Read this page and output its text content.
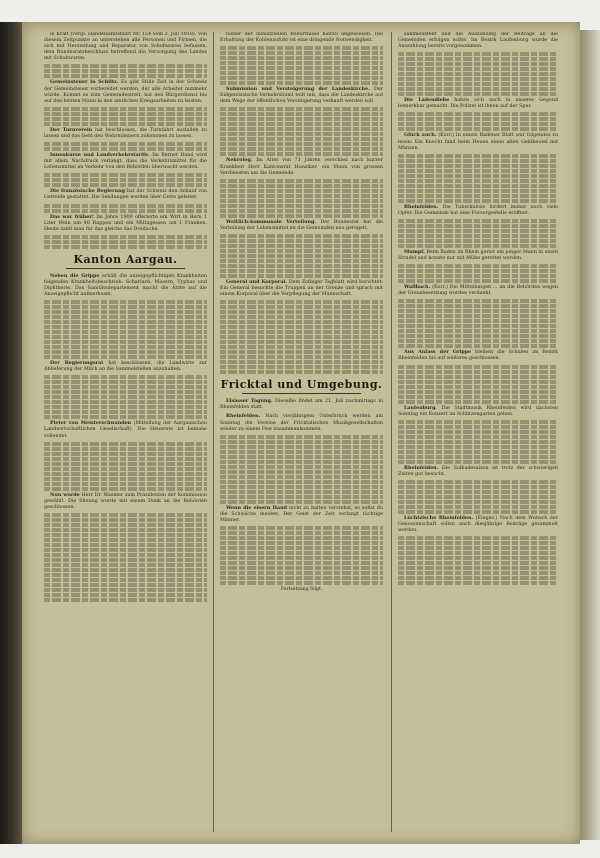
in Kraft (vergl. Handelsamtsblatt Nr. 154 vom 2. Juli 1918). Von diesem Zeitpunkte an unterstehen alle Personen und Firmen, die sich mit Herstellung und Reparatur von Schuhwaren befassen, dem Bundesratsbeschluss betreffend die Versorgung des Landes mit Schuhwaren.

Gemeinsteuer in Schiltz. Es gibt Stille Zeit in der Schweiz der Gemeinsteuer vorbereitet werden, der alle Arbeiter nunmehr würde. Kommt es zum Gemeindestreit, hat den Bürgerdienst bis auf den letzten Mann in den amtlichen Kriegsarbeiten zu leisten.

Der Turnverein hat beschlossen, die Turnfahrt ausfallen zu lassen und das Geld den Wehrmännern zukommen zu lassen.

Innenkurse und Landverkehrstarife. Im Berner Bund wird mit allem Nachdruck verlangt, dass die Verkehrsmittel für die Lebensmittel im Verkehr von den Behörden überwacht werden.

Die französische Regierung hat der Schweiz den Ankauf von Getreide gestattet. Die Sendungen werden über Cette geleitet.

Das war früher! Im Jahre 1900 offerierte ein Wirt in Bern 1 Liter Wein um 40 Rappen und ein Mittagessen um 1 Franken. Heute zahlt man für das gleiche das Dreifache.

Kanton Aargau.

Neben die Grippe erhält die anzeigepflichtigen Krankheiten folgenden Krankheitsbeschrieb: Scharlach, Masern, Typhus und Diphtherie. Das Sanitätsdepartement macht die Ärzte auf die Anzeigepflicht aufmerksam.

Der Regierungsrat hat beschlossen, die Landwirte zur Ablieferung der Milch an die Sammelstellen anzuhalten.

Pieter von Meisterschwanden (Mitteilung der Aargauischen Landwirtschaftlichen Gesellschaft). Die Heuernte ist beinahe vollendet.

Nun wurde Herr Dr. Wasmer zum Präsidenten der Kommission gewählt. Die Sitzung wurde mit einem Dank an die Behörden geschlossen.

bisher der industriellen Bedürfnisse hierzu angewiesen. Die Erhaltung der Kohlenzufuhr ist eine dringende Notwendigkeit.

Submission und Versteigerung der Landeskirche. Der Eidgenössische Verkehrsbund teilt mit, dass die Landeskirche auf dem Wege der öffentlichen Versteigerung verkauft werden soll.

Nekrolog. Im Alter von 71 Jahren verschied nach kurzer Krankheit Herr Kantonsrat Hunziker, ein Mann von grossen Verdiensten um die Gemeinde.

Weltlich-kommunale Verteilung. Der Bundesrat hat die Verteilung der Lebensmittel an die Gemeinden neu geregelt.

General und Korporal. Dem Zofinger Tagblatt wird berichtet: Ein General besuchte die Truppen an der Grenze und sprach mit einem Korporal über die Verpflegung der Mannschaft.

Fricktal und Umgebung.

Elsässer Tagung. Dieselbe findet am 21. Juli nachmittags in Rheinfelden statt.

Rheinfelden. Nach vierjährigem Unterbruch werden am Sonntag die Vereine der Fricktalischen Musikgesellschaften wieder zu einem Fest zusammenkommen.

Wenn die eisern Hand nicht zu halten verstehst, so sollst du die Schwäche meiden. Der Geist der Zeit verlangt tüchtige Männer.

Fortsetzung folgt.

sammenstellt und die Auszahlung der Beiträge an die Gemeinden erfolgen sollte. Im Bezirk Laufenburg wurde die Auszahlung bereits vorgenommen.

Die Ladendiebe haben sich auch in unserer Gegend bemerkbar gemacht. Die Polizei ist ihnen auf der Spur.

Glück auch. (Korr.) In einem Badener Blatt war folgendes zu lesen: Ein Knecht fand beim Heuen einen alten Geldbeutel mit Münzen.

Rheinfelden. Die Tuberkulose fordert immer noch viele Opfer. Die Gemeinde hat eine Fürsorgestelle eröffnet.

Mumpf. Beim Baden im Rhein geriet ein junger Mann in einen Strudel und konnte nur mit Mühe gerettet werden.

Wallbach. (Korr.) Die Mitteilungen ... an die Behörden wegen der Grenzbesetzung wurden verdankt.

Aus Anlass der Grippe bleiben die Schulen im Bezirk Rheinfelden bis auf weiteres geschlossen.

Laufenburg. Die Stadtmusik Rheinfelden wird nächsten Sonntag ein Konzert im Schützengarten geben.

Rheinfelden. Die Solbadesaison ist trotz der schwierigen Zeiten gut besucht.

Lüchtzische Rheinfelden. (Einges.) Nach dem Wunsch der Genossenschaft sollen auch diesjährige Beiträge gesammelt werden.
